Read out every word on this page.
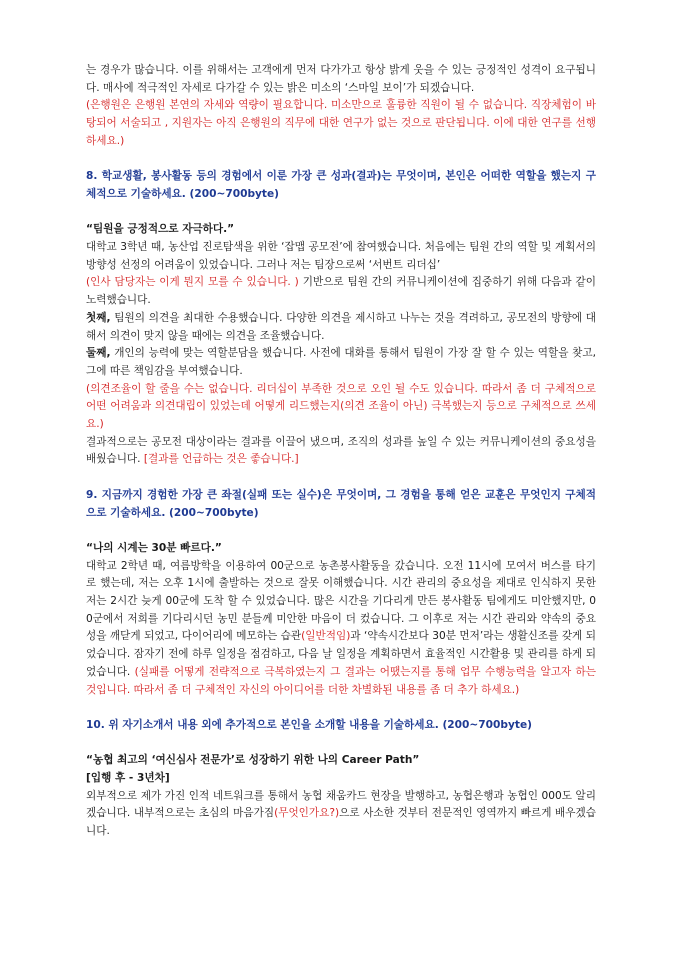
는 경우가 많습니다. 이를 위해서는 고객에게 먼저 다가가고 항상 밝게 웃을 수 있는 긍정적인 성격이 요구됩니다. 매사에 적극적인 자세로 다가갈 수 있는 밝은 미소의 ‘스마일 보이’가 되겠습니다.

(은행원은 은행원 본연의 자세와 역량이 필요합니다. 미소만으로 훌륭한 직원이 될 수 없습니다. 직장체험이 바탕되어 서술되고 , 지원자는 아직 은행원의 직무에 대한 연구가 없는 것으로 판단됩니다. 이에 대한 연구를 선행 하세요.)

8. 학교생활, 봉사활동 등의 경험에서 이룬 가장 큰 성과(결과)는 무엇이며, 본인은 어떠한 역할을 했는지 구체적으로 기술하세요. (200~700byte)

“팀원을 긍정적으로 자극하다.”

대학교 3학년 때, 농산업 진로탐색을 위한 ‘잡맵 공모전’에 참여했습니다. 처음에는 팀원 간의 역할 및 계획서의 방향성 선정의 어려움이 있었습니다. 그러나 저는 팀장으로써 ‘서번트 리더십’
(인사 담당자는 이게 뭔지 모를 수 있습니다. ) 기반으로 팀원 간의 커뮤니케이션에 집중하기 위해 다음과 같이 노력했습니다.

첫째, 팀원의 의견을 최대한 수용했습니다. 다양한 의견을 제시하고 나누는 것을 격려하고, 공모전의 방향에 대해서 의견이 맞지 않을 때에는 의견을 조율했습니다.

둘째, 개인의 능력에 맞는 역할분담을 했습니다. 사전에 대화를 통해서 팀원이 가장 잘 할 수 있는 역할을 찾고, 그에 따른 책임감을 부여했습니다.

(의견조율이 할 줄을 수는 없습니다. 리더십이 부족한 것으로 오인 될 수도 있습니다. 따라서 좀 더 구체적으로 어떤 어려움과 의견대립이 있었는데 어떻게 리드했는지(의견 조율이 아닌) 극복했는지 등으로 구체적으로 쓰세요.)

결과적으로는 공모전 대상이라는 결과를 이끌어 냈으며, 조직의 성과를 높일 수 있는 커뮤니케이션의 중요성을 배웠습니다. [결과를 언급하는 것은 좋습니다.]

9. 지금까지 경험한 가장 큰 좌절(실패 또는 실수)은 무엇이며, 그 경험을 통해 얻은 교훈은 무엇인지 구체적으로 기술하세요. (200~700byte)

“나의 시계는 30분 빠르다.”

대학교 2학년 때, 여름방학을 이용하여 00군으로 농촌봉사활동을 갔습니다. 오전 11시에 모여서 버스를 타기로 했는데, 저는 오후 1시에 출발하는 것으로 잘못 이해했습니다. 시간 관리의 중요성을 제대로 인식하지 못한 저는 2시간 늦게 00군에 도착 할 수 있었습니다. 많은 시간을 기다리게 만든 봉사활동 팀에게도 미안했지만, 00군에서 저희를 기다리시던 농민 분들께 미안한 마음이 더 컸습니다. 그 이후로 저는 시간 관리와 약속의 중요성을 깨닫게 되었고, 다이어리에 메모하는 습관(일반적임)과 ‘약속시간보다 30분 먼저’라는 생활신조를 갖게 되었습니다. 잠자기 전에 하루 일정을 점검하고, 다음 날 일정을 계획하면서 효율적인 시간활용 및 관리를 하게 되었습니다. (실패를 어떻게 전략적으로 극복하였는지 그 결과는 어땠는지를 통해 업무 수행능력을 알고자 하는 것입니다. 따라서 좀 더 구체적인 자신의 아이디어를 더한 차별화된 내용를 좀 더 추가 하세요.)

10. 위 자기소개서 내용 외에 추가적으로 본인을 소개할 내용을 기술하세요. (200~700byte)

“농협 최고의 ‘여신심사 전문가’로 성장하기 위한 나의 Career Path”

[입행 후 - 3년차]

외부적으로 제가 가진 인적 네트워크를 통해서 농협 채움카드 현장을 발행하고, 농협은행과 농협인 000도 알리겠습니다. 내부적으로는 초심의 마음가짐(무엇인가요?)으로 사소한 것부터 전문적인 영역까지 빠르게 배우겠습니다.
